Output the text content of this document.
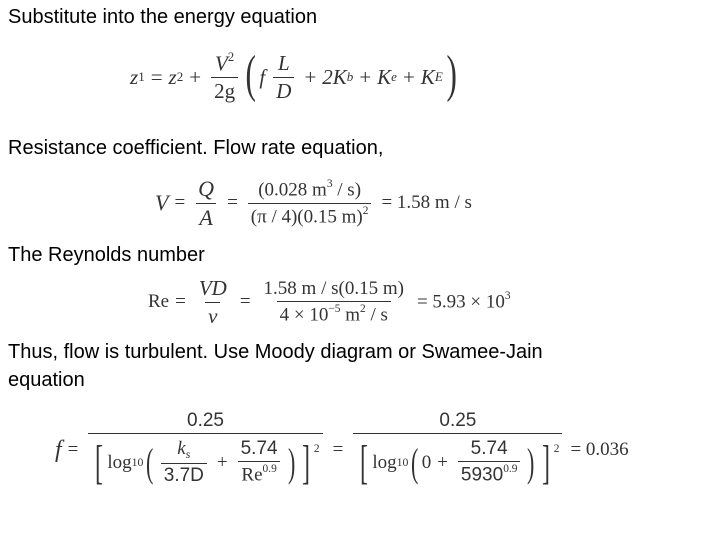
Substitute into the energy equation
Resistance coefficient. Flow rate equation,
The Reynolds number
Thus, flow is turbulent. Use Moody diagram or Swamee-Jain
equation
z 1 = z $2 + \frac{V^2}{2g}$ ( f $\frac{L}{D} + 2K$ b + K e + K E )
$V = \frac{Q}{A} = \frac{(0.028 m^3 / s)}{(\pi / 4)(0.15 m)^2} = 1.58$ m / s
$Re = \frac{VD}{\nu} = \frac{1.58 m / s(0.15 m)}{4 \times 10^{-5} m^2 / s} = 5.93 \times 10^3$
f =
0.25
[ log 10 ( $\frac{k_s}{3.7D} + \frac{5.74}{Re^{0.9}}$ ) ] 2 =
0.25
[ log 10 ( $0 + \frac{5.74}{5930^{0.9}}$ ) ] 2 = 0.036
